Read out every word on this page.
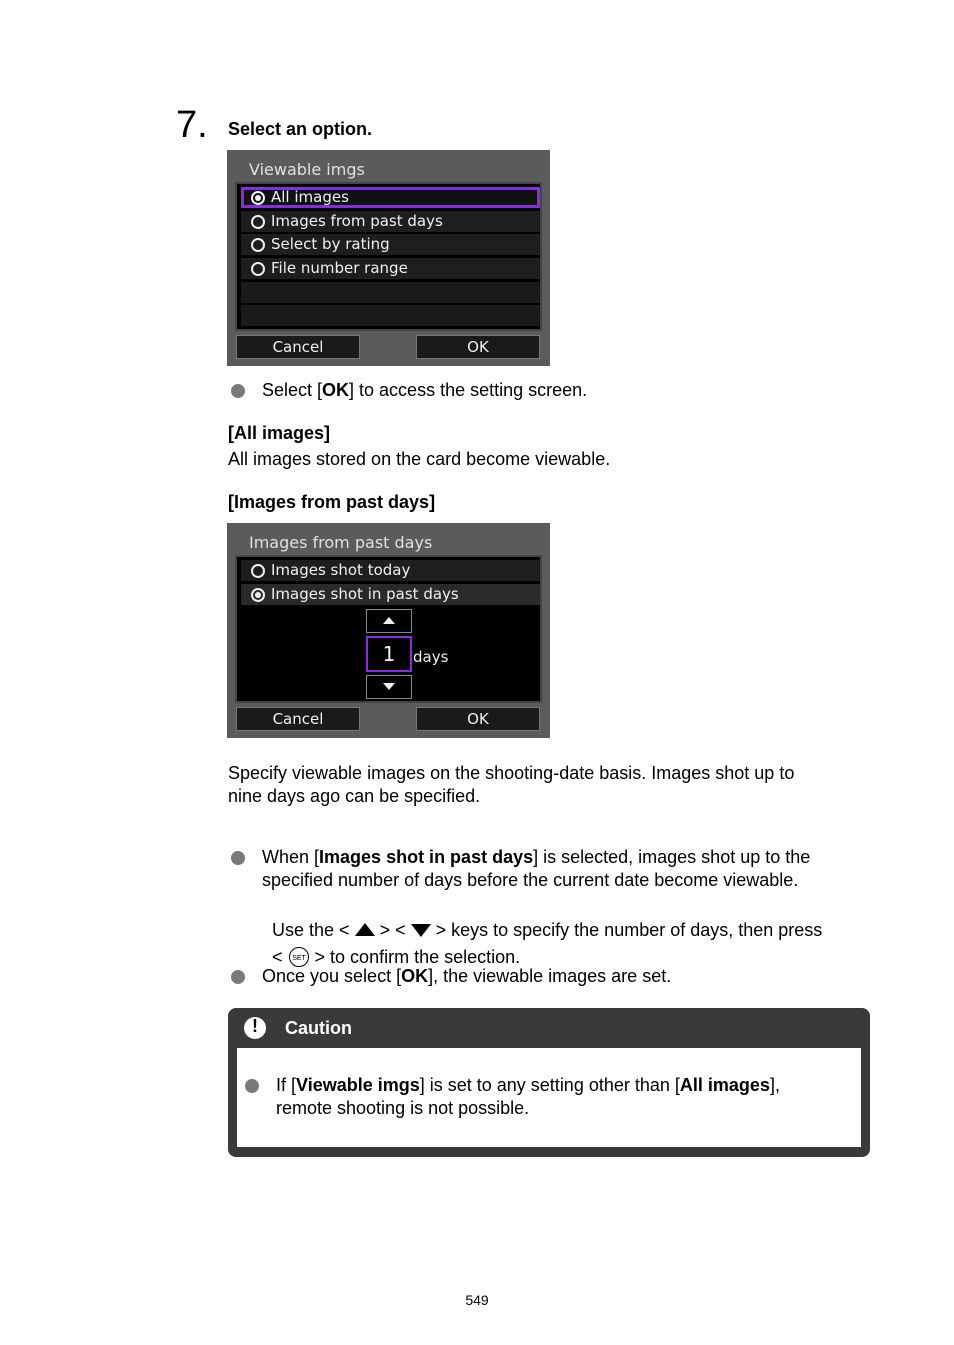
7. Select an option.
Viewable imgs
All images
Images from past days
Select by rating
File number range
Cancel	OK
Select [OK] to access the setting screen.
[All images]
All images stored on the card become viewable.
[Images from past days]
Images from past days
Images shot today
Images shot in past days
1	days
Cancel	OK
Specify viewable images on the shooting-date basis. Images shot up to
nine days ago can be specified.
When [Images shot in past days] is selected, images shot up to the
specified number of days before the current date become viewable.

Use the <  > <  > keys to specify the number of days, then press

< SET > to confirm the selection.

Once you select [OK], the viewable images are set.
!
Caution
If [Viewable imgs] is set to any setting other than [All images],
remote shooting is not possible.
549
